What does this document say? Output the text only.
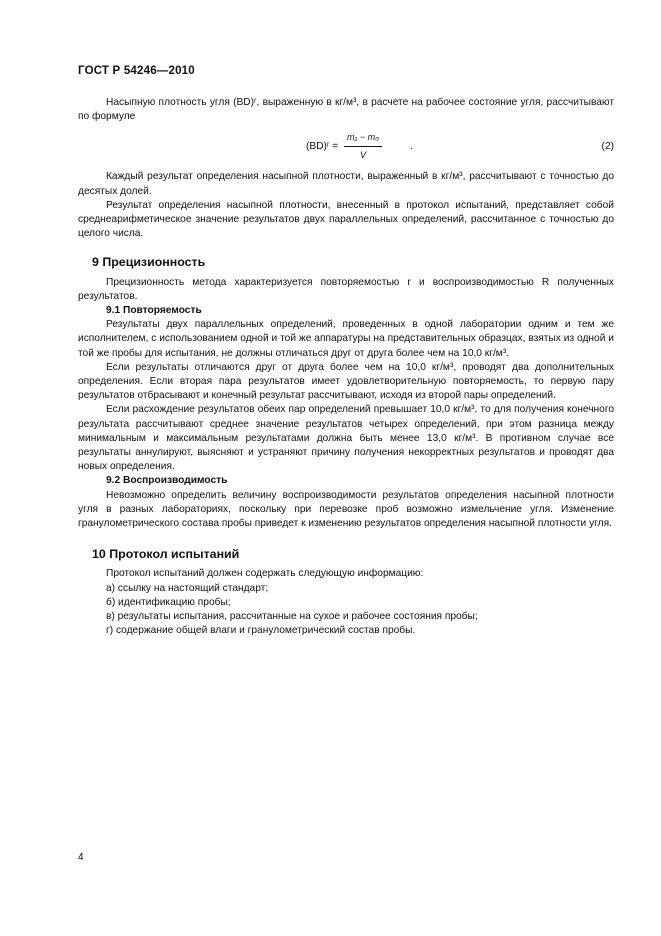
ГОСТ Р 54246—2010

Насыпную плотность угля (BD)ʳ, выраженную в кг/м³, в расчете на рабочее состояние угля, рассчитывают по формуле

(BD)ʳ = $\frac{\text{m₁ − m₀}}{V}$	.	(2)

Каждый результат определения насыпной плотности, выраженный в кг/м³, рассчитывают с точностью до десятых долей.

Результат определения насыпной плотности, внесенный в протокол испытаний, представляет собой среднеарифметическое значение результатов двух параллельных определений, рассчитанное с точностью до целого числа.

9 Прецизионность

Прецизионность метода характеризуется повторяемостью r и воспроизводимостью R полученных результатов.

9.1 Повторяемость

Результаты двух параллельных определений, проведенных в одной лаборатории одним и тем же исполнителем, с использованием одной и той же аппаратуры на представительных образцах, взятых из одной и той же пробы для испытания, не должны отличаться друг от друга более чем на 10,0 кг/м³.

Если результаты отличаются друг от друга более чем на 10,0 кг/м³, проводят два дополнительных определения. Если вторая пара результатов имеет удовлетворительную повторяемость, то первую пару результатов отбрасывают и конечный результат рассчитывают, исходя из второй пары определений.

Если расхождение результатов обеих пар определений превышает 10,0 кг/м³, то для получения конечного результата рассчитывают среднее значение результатов четырех определений, при этом разница между минимальным и максимальным результатами должна быть менее 13,0 кг/м³. В противном случае все результаты аннулируют, выясняют и устраняют причину получения некорректных результатов и проводят два новых определения.

9.2 Воспроизводимость

Невозможно определить величину воспроизводимости результатов определения насыпной плотности угля в разных лабораториях, поскольку при перевозке проб возможно измельчение угля. Изменение гранулометрического состава пробы приведет к изменению результатов определения насыпной плотности угля.

10 Протокол испытаний

Протокол испытаний должен содержать следующую информацию:

а) ссылку на настоящий стандарт;
б) идентификацию пробы;
в) результаты испытания, рассчитанные на сухое и рабочее состояния пробы;
г) содержание общей влаги и гранулометрический состав пробы.
4
